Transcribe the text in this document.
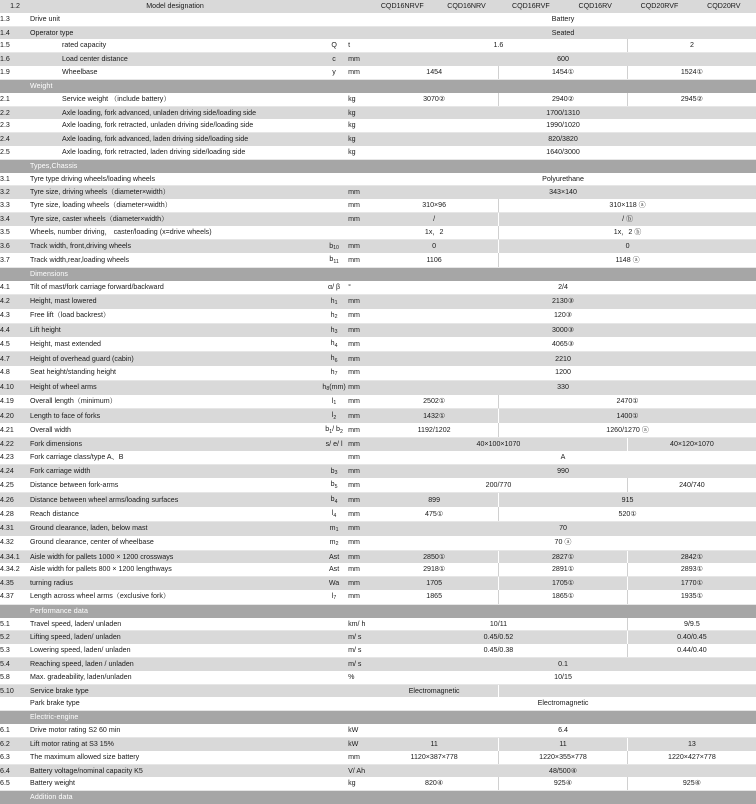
1.2	Model designation			CQD16NRVF	CQD16NRV	CQD16RVF	CQD16RV	CQD20RVF	CQD20RV
1.3	Drive unit			Battery					
1.4	Operator type			Seated					
1.5	rated capacity	Q	t	1.6				2	
1.6	Load center distance	c	mm	600					
1.9	Wheelbase	y	mm	1454		1454①		1524①	
Weight									
2.1	Service weight （include battery）		kg	3070②		2940②		2945②	
2.2	Axle loading, fork advanced, unladen driving side/loading side		kg	1700/1310					
2.3	Axle loading, fork retracted, unladen driving side/loading side		kg	1990/1020					
2.4	Axle loading, fork advanced, laden driving side/loading side		kg	820/3820					
2.5	Axle loading, fork retracted, laden driving side/loading side		kg	1640/3000					
Types,Chassis									
3.1	Tyre type driving wheels/loading wheels			Polyurethane					
3.2	Tyre size, driving wheels（diameter×width）		mm	343×140					
3.3	Tyre size, loading wheels（diameter×width）		mm	310×96		310×118 ⓐ			
3.4	Tyre size, caster wheels（diameter×width）		mm	/		/ ⓑ			
3.5	Wheels, number driving， caster/loading (x=drive wheels)			1x，2		1x，2 ⓑ			
3.6	Track width, front,driving wheels	$b_{10}$	mm	0		0			
3.7	Track width,rear,loading wheels	$b_{11}$	mm	1106		1148 ⓐ			
Dimensions									
4.1	Tilt of mast/fork carriage forward/backward	α/ β	°	2/4					
4.2	Height, mast lowered	$h_1$	mm	2130③					
4.3	Free lift（load backrest）	$h_2$	mm	120③					
4.4	Lift height	$h_3$	mm	3000③					
4.5	Height, mast extended	$h_4$	mm	4065③					
4.7	Height of overhead guard (cabin)	$h_6$	mm	2210					
4.8	Seat height/standing height	$h_7$	mm	1200					
4.10	Height of wheel arms	$h_8(mm)$	mm	330					
4.19	Overall length（minimum）	$l_1$	mm	2502①		2470①			
4.20	Length to face of forks	$l_2$	mm	1432①		1400①			
4.21	Overall width	$b_1/$ $b_2$	mm	1192/1202		1260/1270 ⓐ			
4.22	Fork dimensions	s/ e/ l	mm	40×100×1070				40×120×1070	
4.23	Fork carriage class/type A、B		mm	A					
4.24	Fork carriage width	$b_3$	mm	990					
4.25	Distance between fork-arms	$b_5$	mm	200/770				240/740	
4.26	Distance between wheel arms/loading surfaces	$b_4$	mm	899		915			
4.28	Reach distance	$l_4$	mm	475①		520①			
4.31	Ground clearance, laden, below mast	$m_1$	mm	70					
4.32	Ground clearance, center of wheelbase	$m_2$	mm	70 ⓐ					
4.34.1	Aisle width for pallets 1000 × 1200 crossways	Ast	mm	2850①		2827①		2842①	
4.34.2	Aisle width for pallets 800 × 1200 lengthways	Ast	mm	2918①		2891①		2893①	
4.35	turning radius	Wa	mm	1705		1705①		1770①	
4.37	Length across wheel arms（exclusive fork）	$l_7$	mm	1865		1865①		1935①	
Performance data									
5.1	Travel speed, laden/ unladen		km/ h	10/11				9/9.5	
5.2	Lifting speed, laden/ unladen		m/ s	0.45/0.52				0.40/0.45	
5.3	Lowering speed, laden/ unladen		m/ s	0.45/0.38				0.44/0.40	
5.4	Reaching speed, laden / unladen		m/ s	0.1					
5.8	Max. gradeability, laden/unladen		%	10/15					
5.10	Service brake type			Electromagnetic					
	Park brake type			Electromagnetic					
Electric-engine									
6.1	Drive motor rating S2 60 min		kW	6.4					
6.2	Lift motor rating at S3 15%		kW	11		11		13	
6.3	The maximum allowed size battery		mm	1120×387×778		1220×355×778		1220×427×778	
6.4	Battery voltage/nominal capacity K5		V/ Ah	48/500④					
6.5	Battery weight		kg	820④		925④		925④	
Addition data									
